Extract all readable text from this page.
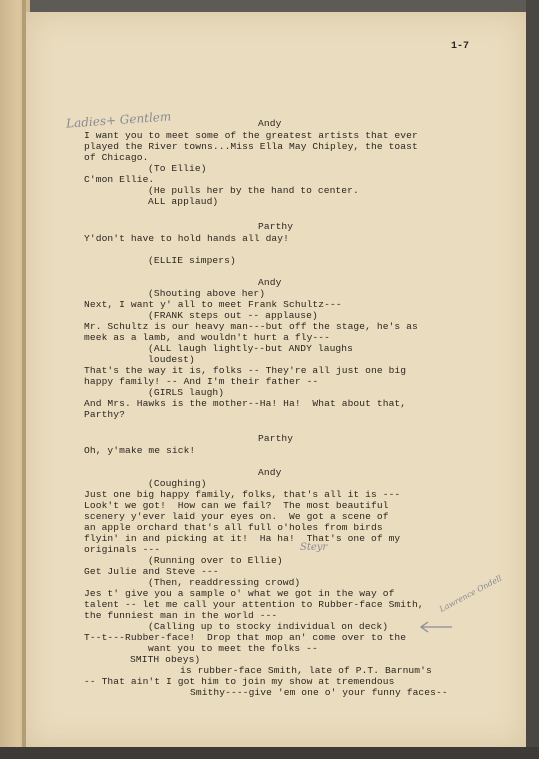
1-7
Ladies+ Gentlem
Steyr
Lawrence Ondell
Andy
I want you to meet some of the greatest artists that ever
played the River towns...Miss Ella May Chipley, the toast
of Chicago.
(To Ellie)
C'mon Ellie.
(He pulls her by the hand to center.
ALL applaud)
Parthy
Y'don't have to hold hands all day!
(ELLIE simpers)
Andy
(Shouting above her)
Next, I want y' all to meet Frank Schultz---
(FRANK steps out -- applause)
Mr. Schultz is our heavy man---but off the stage, he's as
meek as a lamb, and wouldn't hurt a fly---
(ALL laugh lightly--but ANDY laughs
loudest)
That's the way it is, folks -- They're all just one big
happy family! -- And I'm their father --
(GIRLS laugh)
And Mrs. Hawks is the mother--Ha! Ha!  What about that,
Parthy?
Parthy
Oh, y'make me sick!
Andy
(Coughing)
Just one big happy family, folks, that's all it is ---
Look't we got!  How can we fail?  The most beautiful
scenery y'ever laid your eyes on.  We got a scene of
an apple orchard that's all full o'holes from birds
flyin' in and picking at it!  Ha ha!  That's one of my
originals ---
(Running over to Ellie)
Get Julie and Steve ---
(Then, readdressing crowd)
Jes t' give you a sample o' what we got in the way of
talent -- let me call your attention to Rubber-face Smith,
the funniest man in the world ---
(Calling up to stocky individual on deck)
T--t---Rubber-face!  Drop that mop an' come over to the
want you to meet the folks --
SMITH obeys)
is rubber-face Smith, late of P.T. Barnum's
-- That ain't I got him to join my show at tremendous
Smithy----give 'em one o' your funny faces--
